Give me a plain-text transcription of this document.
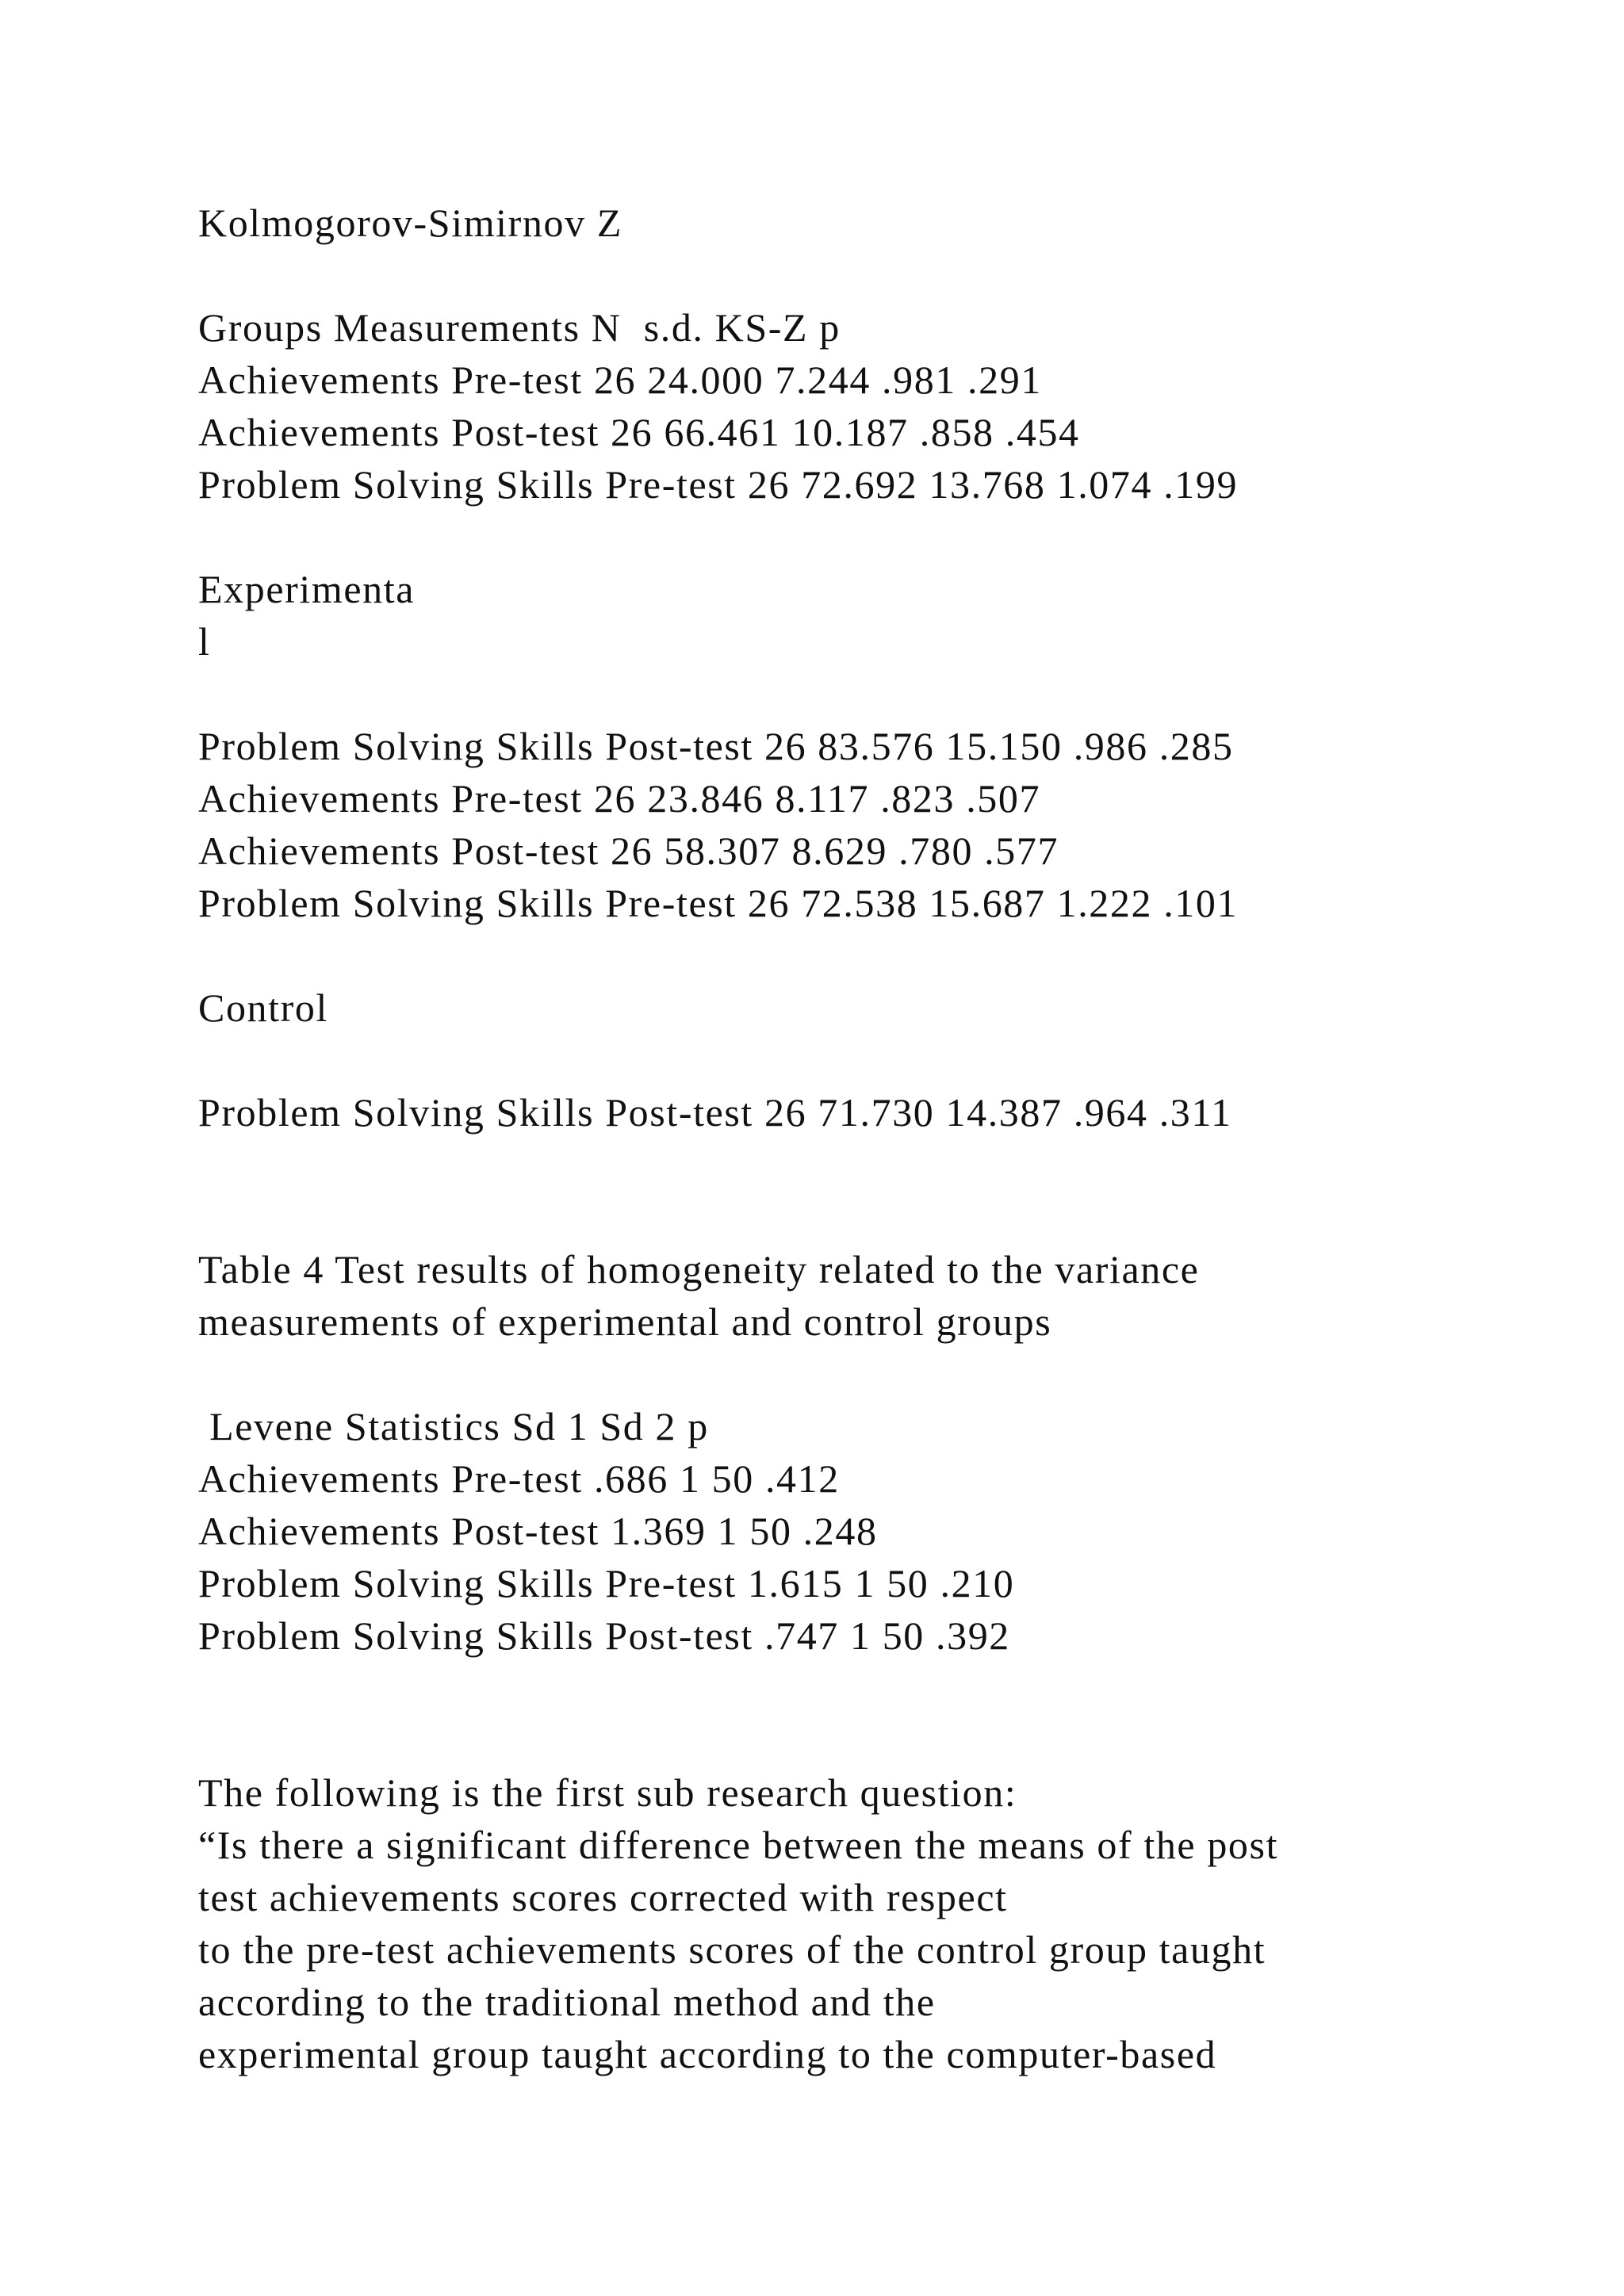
Kolmogorov-Simirnov Z

Groups Measurements N  s.d. KS-Z p

Achievements Pre-test 26 24.000 7.244 .981 .291

Achievements Post-test 26 66.461 10.187 .858 .454

Problem Solving Skills Pre-test 26 72.692 13.768 1.074 .199

Experimenta

l

Problem Solving Skills Post-test 26 83.576 15.150 .986 .285

Achievements Pre-test 26 23.846 8.117 .823 .507

Achievements Post-test 26 58.307 8.629 .780 .577

Problem Solving Skills Pre-test 26 72.538 15.687 1.222 .101

Control

Problem Solving Skills Post-test 26 71.730 14.387 .964 .311

Table 4 Test results of homogeneity related to the variance

measurements of experimental and control groups

Levene Statistics Sd 1 Sd 2 p

Achievements Pre-test .686 1 50 .412

Achievements Post-test 1.369 1 50 .248

Problem Solving Skills Pre-test 1.615 1 50 .210

Problem Solving Skills Post-test .747 1 50 .392

The following is the first sub research question:

“Is there a significant difference between the means of the post

test achievements scores corrected with respect

to the pre-test achievements scores of the control group taught

according to the traditional method and the

experimental group taught according to the computer-based
